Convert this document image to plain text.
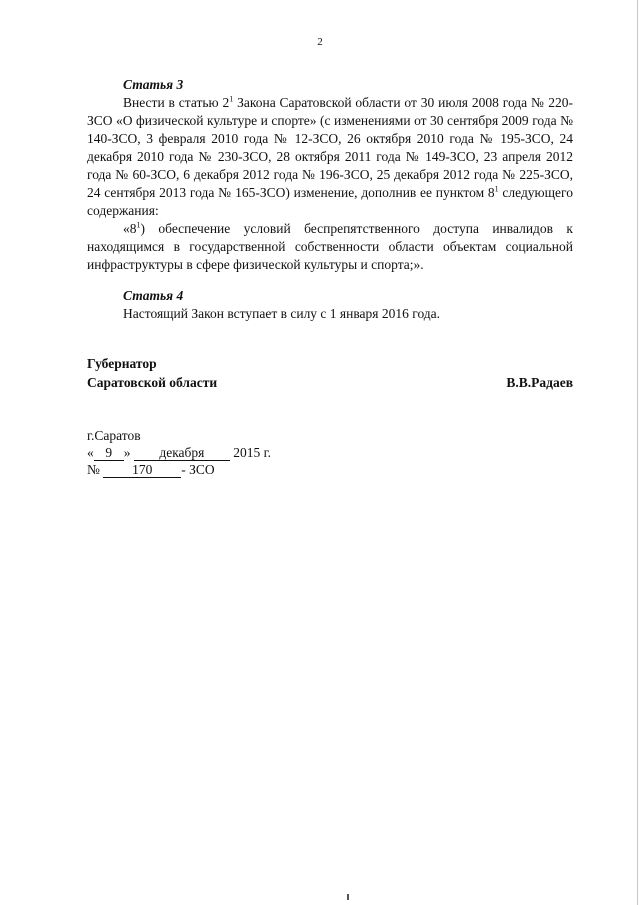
2
Статья 3

Внести в статью $2^1$ Закона Саратовской области от 30 июля 2008 года № 220-ЗСО «О физической культуре и спорте» (с изменениями от 30 сентября 2009 года № 140-ЗСО, 3 февраля 2010 года № 12-ЗСО, 26 октября 2010 года № 195-ЗСО, 24 декабря 2010 года № 230-ЗСО, 28 октября 2011 года № 149-ЗСО, 23 апреля 2012 года № 60-ЗСО, 6 декабря 2012 года № 196-ЗСО, 25 декабря 2012 года № 225-ЗСО, 24 сентября 2013 года № 165-ЗСО) изменение, дополнив ее пунктом $8^1$ следующего содержания:

«$8^1$) обеспечение условий беспрепятственного доступа инвалидов к находящимся в государственной собственности области объектам социальной инфраструктуры в сфере физической культуры и спорта;».

Статья 4

Настоящий Закон вступает в силу с 1 января 2016 года.

Губернатор
Саратовской области	В.В.Радаев
г.Саратов
« 9 » декабря 2015 г.
№ 170 - ЗСО
